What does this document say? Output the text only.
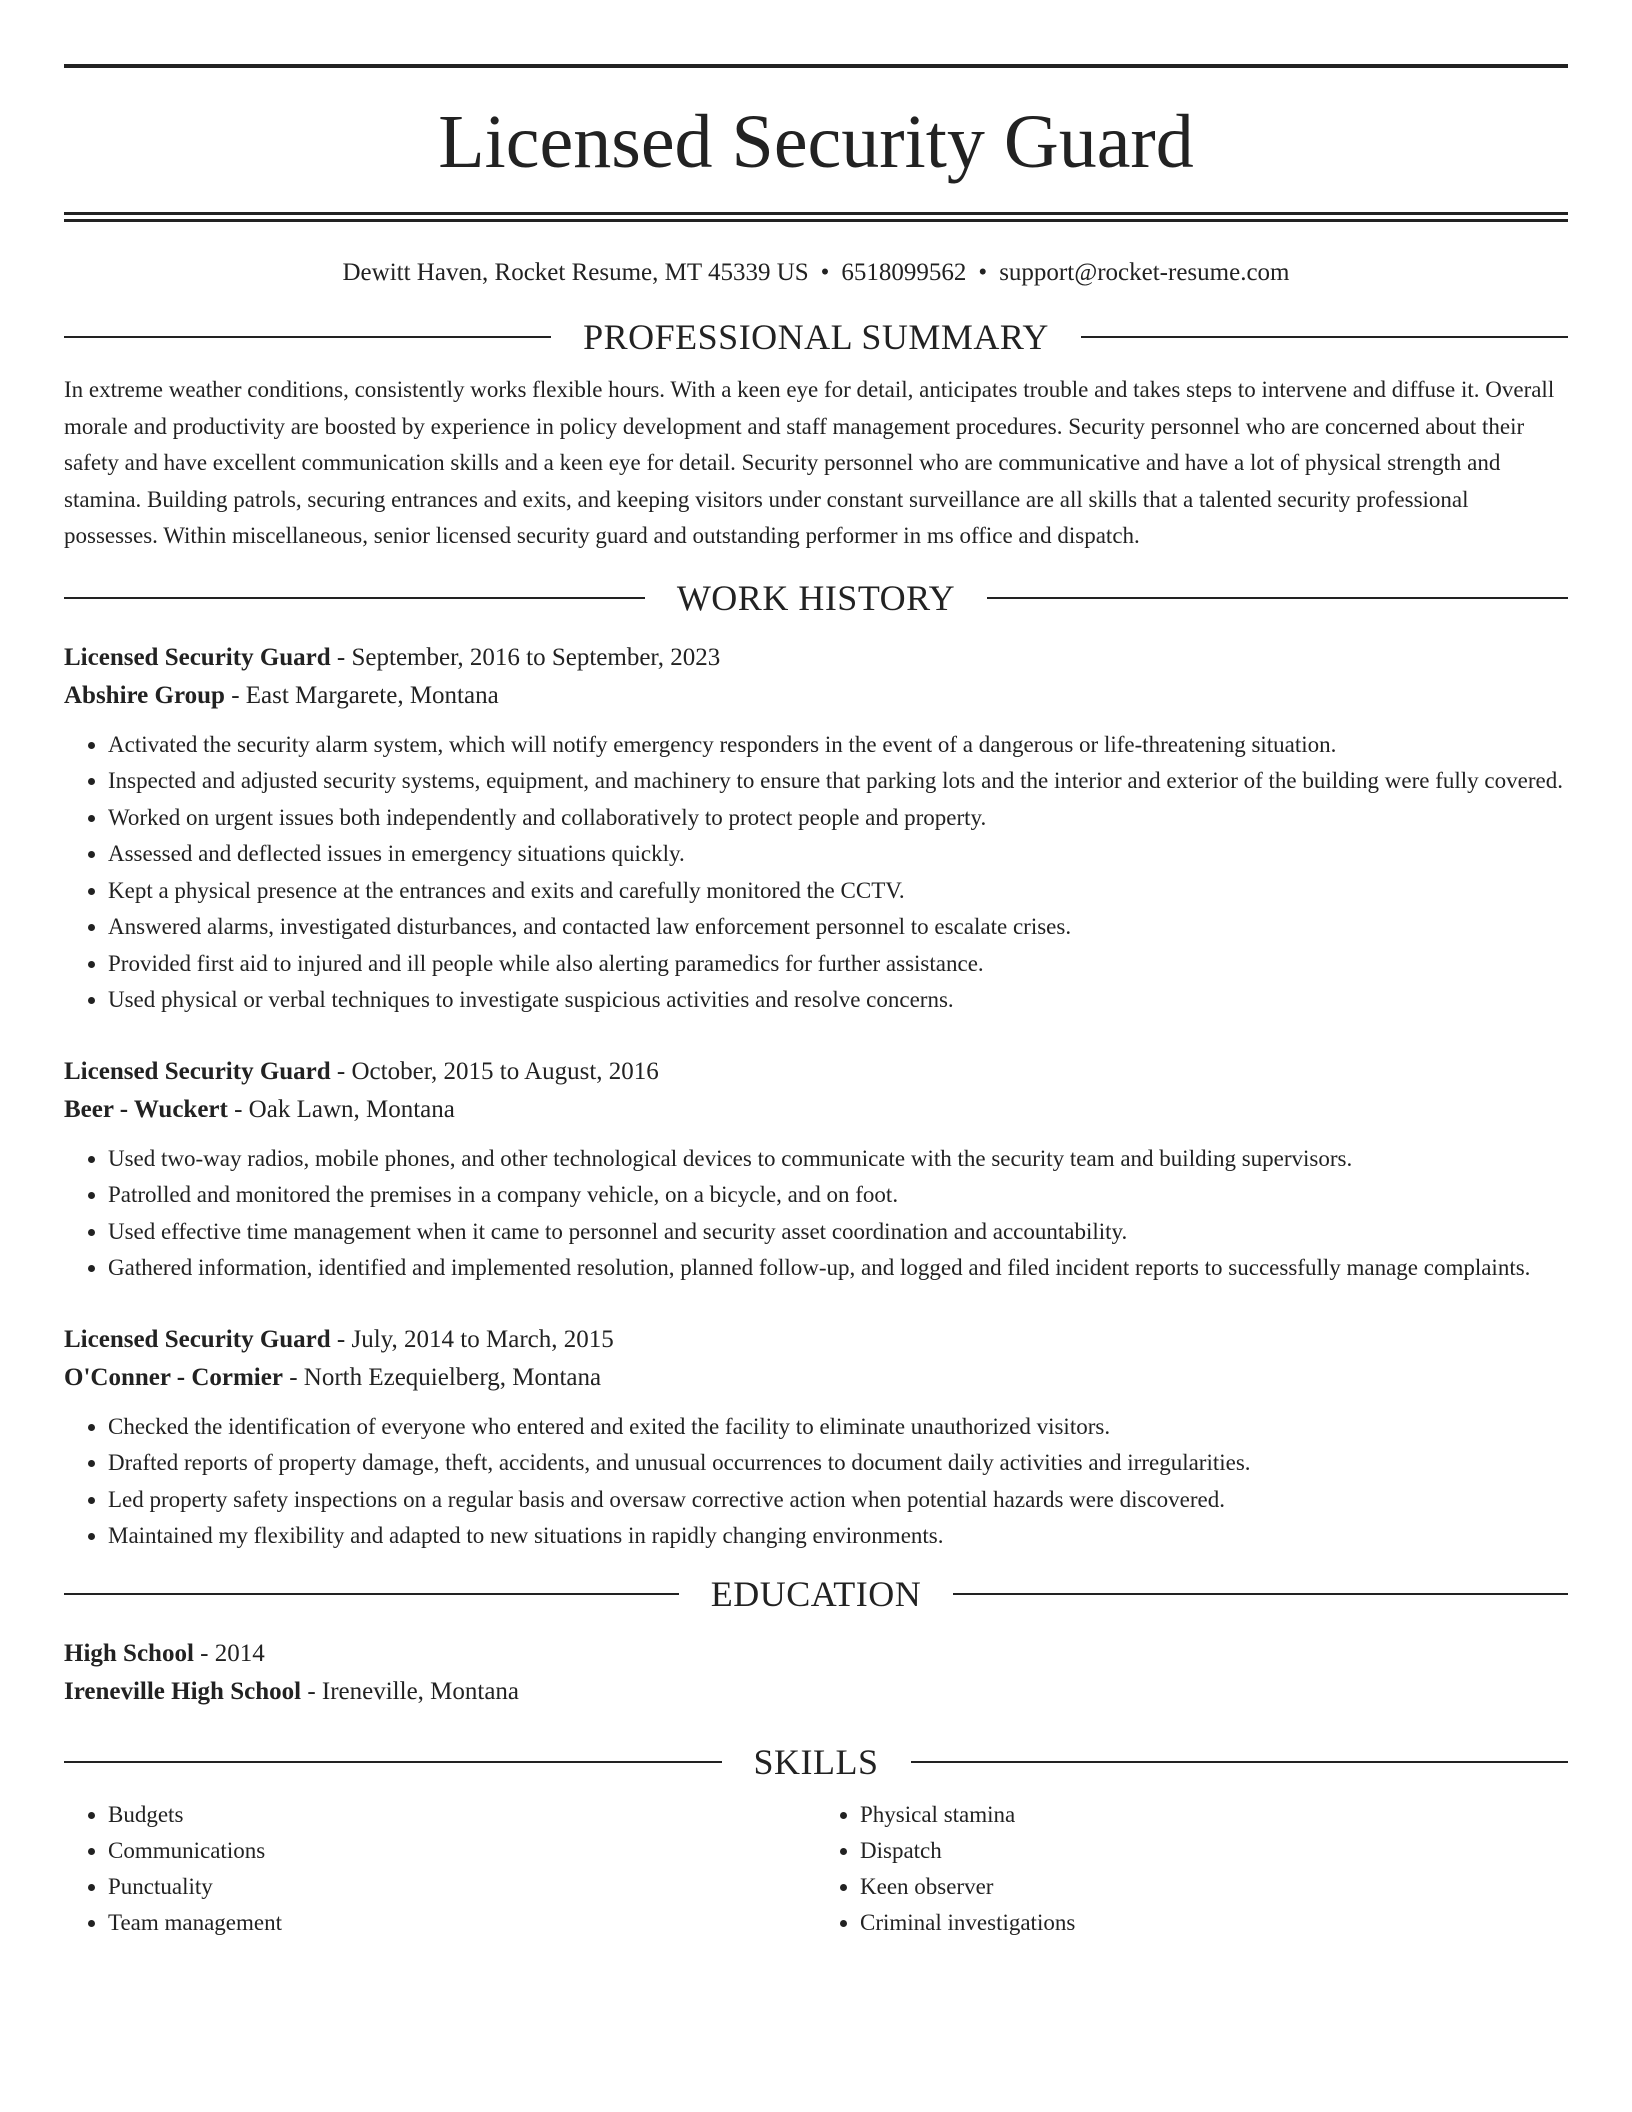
Licensed Security Guard
Dewitt Haven, Rocket Resume, MT 45339 US • 6518099562 • support@rocket-resume.com
PROFESSIONAL SUMMARY
In extreme weather conditions, consistently works flexible hours. With a keen eye for detail, anticipates trouble and takes steps to intervene and diffuse it. Overall morale and productivity are boosted by experience in policy development and staff management procedures. Security personnel who are concerned about their safety and have excellent communication skills and a keen eye for detail. Security personnel who are communicative and have a lot of physical strength and stamina. Building patrols, securing entrances and exits, and keeping visitors under constant surveillance are all skills that a talented security professional possesses. Within miscellaneous, senior licensed security guard and outstanding performer in ms office and dispatch.
WORK HISTORY
Licensed Security Guard - September, 2016 to September, 2023
Abshire Group - East Margarete, Montana
• Activated the security alarm system, which will notify emergency responders in the event of a dangerous or life-threatening situation.
• Inspected and adjusted security systems, equipment, and machinery to ensure that parking lots and the interior and exterior of the building were fully covered.
• Worked on urgent issues both independently and collaboratively to protect people and property.
• Assessed and deflected issues in emergency situations quickly.
• Kept a physical presence at the entrances and exits and carefully monitored the CCTV.
• Answered alarms, investigated disturbances, and contacted law enforcement personnel to escalate crises.
• Provided first aid to injured and ill people while also alerting paramedics for further assistance.
• Used physical or verbal techniques to investigate suspicious activities and resolve concerns.
Licensed Security Guard - October, 2015 to August, 2016
Beer - Wuckert - Oak Lawn, Montana
• Used two-way radios, mobile phones, and other technological devices to communicate with the security team and building supervisors.
• Patrolled and monitored the premises in a company vehicle, on a bicycle, and on foot.
• Used effective time management when it came to personnel and security asset coordination and accountability.
• Gathered information, identified and implemented resolution, planned follow-up, and logged and filed incident reports to successfully manage complaints.
Licensed Security Guard - July, 2014 to March, 2015
O'Conner - Cormier - North Ezequielberg, Montana
• Checked the identification of everyone who entered and exited the facility to eliminate unauthorized visitors.
• Drafted reports of property damage, theft, accidents, and unusual occurrences to document daily activities and irregularities.
• Led property safety inspections on a regular basis and oversaw corrective action when potential hazards were discovered.
• Maintained my flexibility and adapted to new situations in rapidly changing environments.
EDUCATION
High School - 2014
Ireneville High School - Ireneville, Montana
SKILLS
• Budgets
• Communications
• Punctuality
• Team management
• Physical stamina
• Dispatch
• Keen observer
• Criminal investigations
